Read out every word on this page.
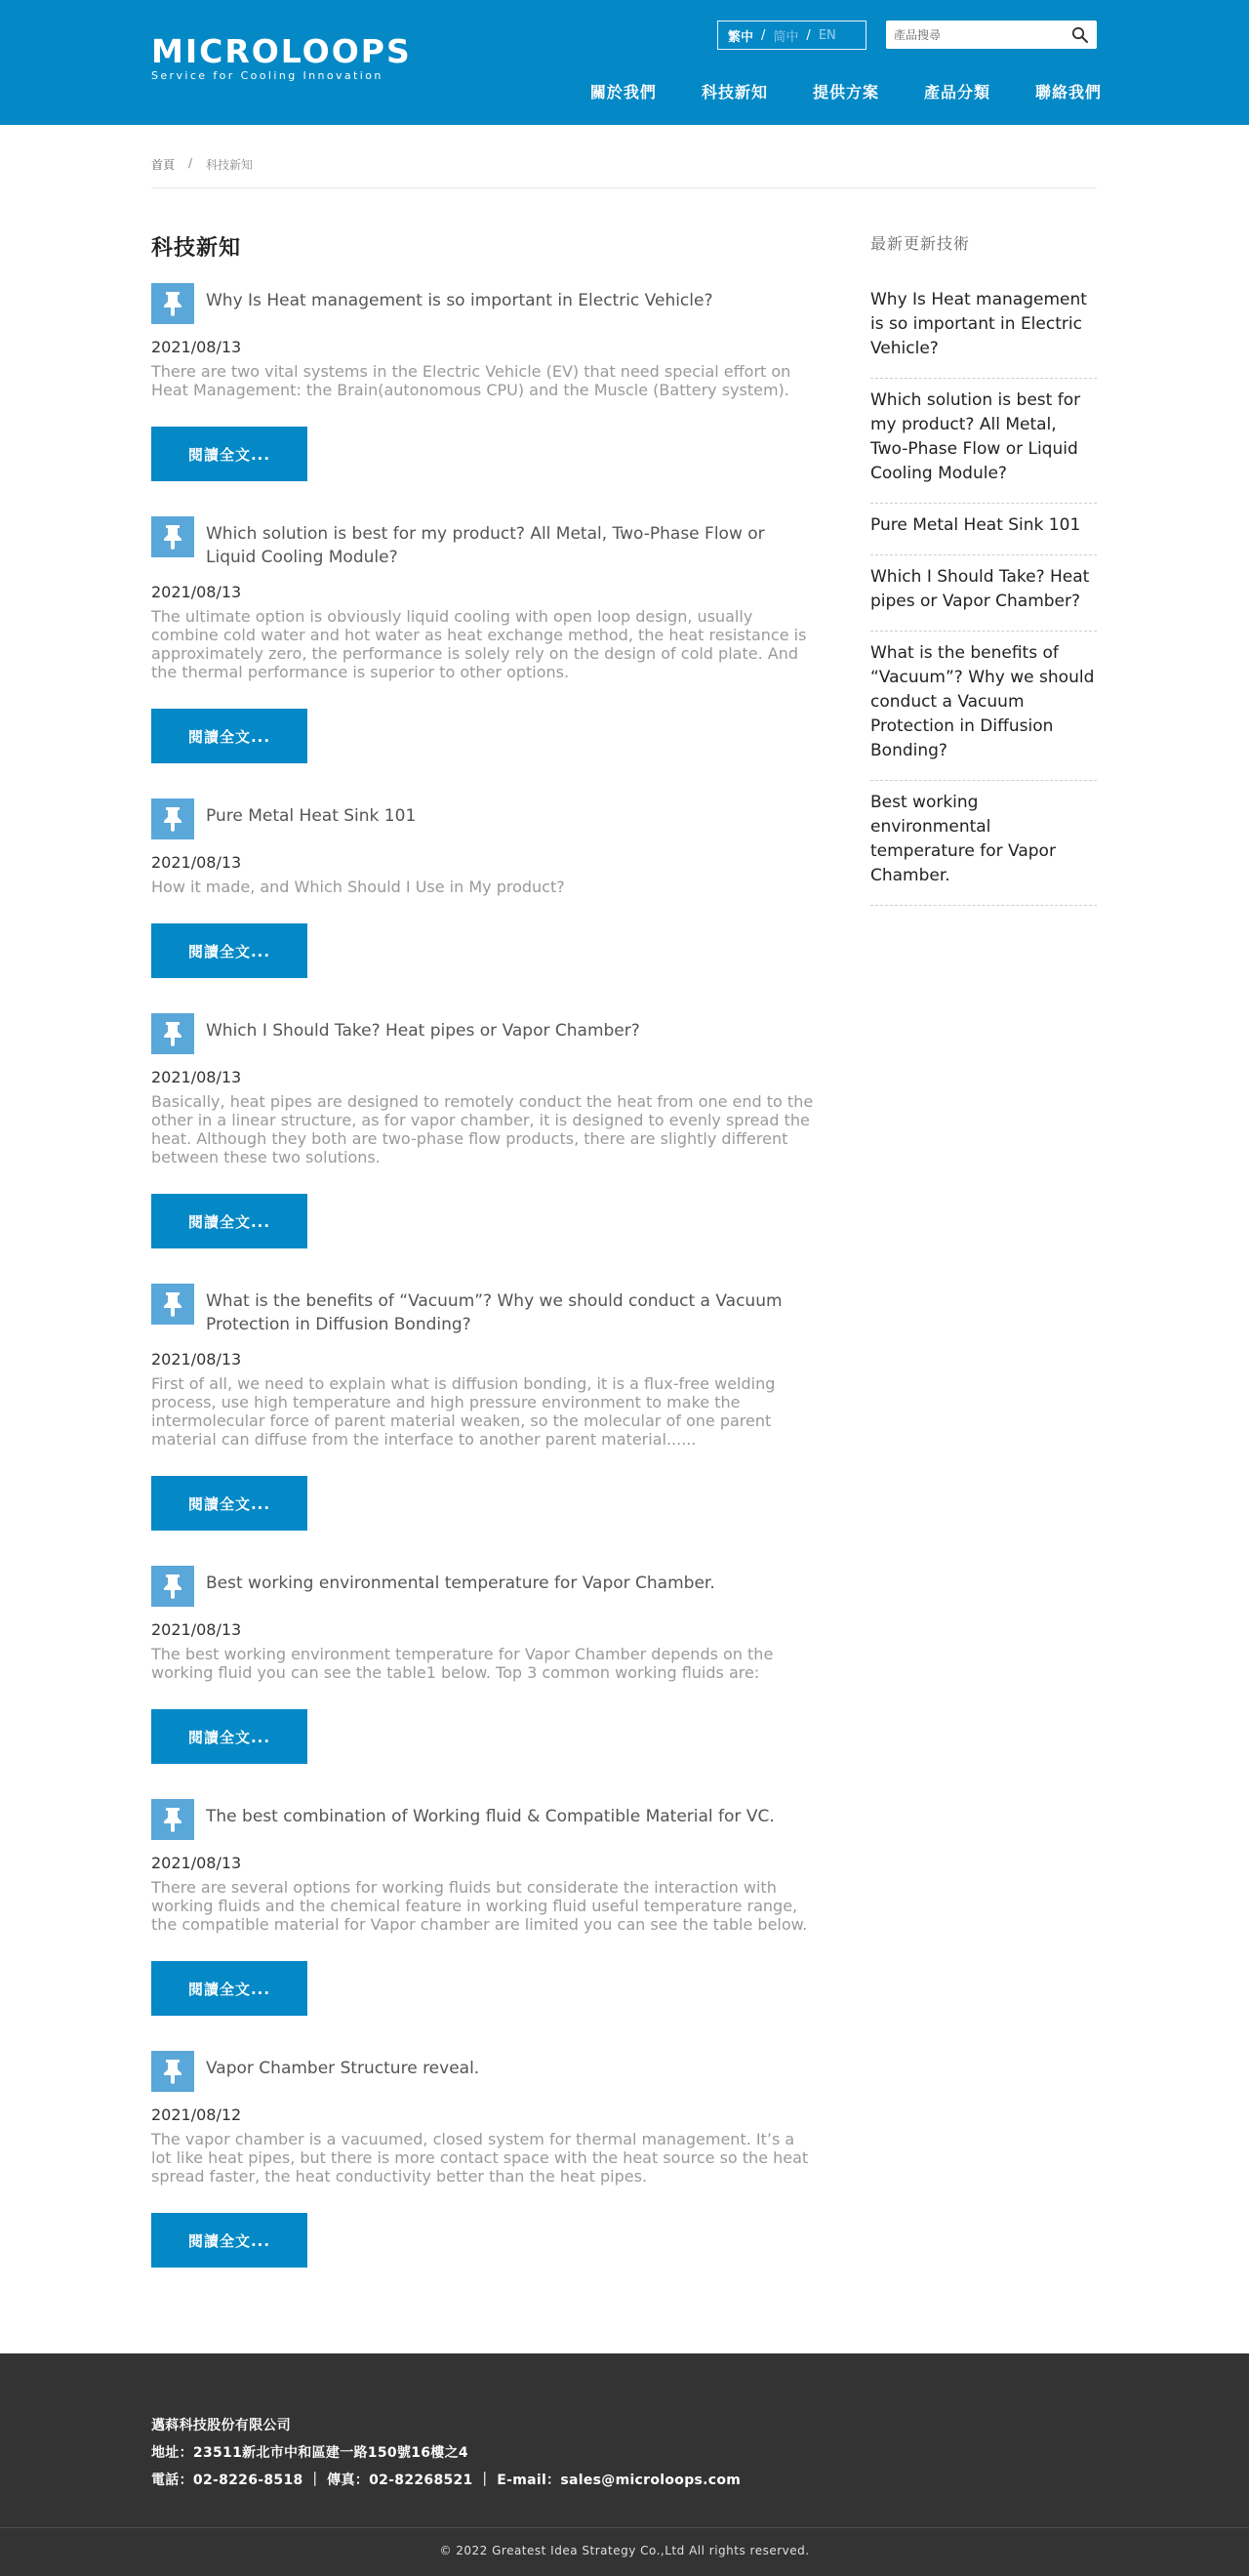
MICROLOOPS
Service for Cooling Innovation
繁中 / 简中 / EN
產品搜尋
關於我們	科技新知	提供方案	產品分類	聯絡我們
首頁 / 科技新知
科技新知
Why Is Heat management is so important in Electric Vehicle?
2021/08/13
There are two vital systems in the Electric Vehicle (EV) that need special effort on Heat Management: the Brain(autonomous CPU) and the Muscle (Battery system).
閱讀全文...
Which solution is best for my product? All Metal, Two-Phase Flow or Liquid Cooling Module?
2021/08/13
The ultimate option is obviously liquid cooling with open loop design, usually combine cold water and hot water as heat exchange method, the heat resistance is approximately zero, the performance is solely rely on the design of cold plate. And the thermal performance is superior to other options.
閱讀全文...
Pure Metal Heat Sink 101
2021/08/13
How it made, and Which Should I Use in My product?
閱讀全文...
Which I Should Take? Heat pipes or Vapor Chamber?
2021/08/13
Basically, heat pipes are designed to remotely conduct the heat from one end to the other in a linear structure, as for vapor chamber, it is designed to evenly spread the heat. Although they both are two-phase flow products, there are slightly different between these two solutions.
閱讀全文...
What is the benefits of “Vacuum”? Why we should conduct a Vacuum Protection in Diffusion Bonding?
2021/08/13
First of all, we need to explain what is diffusion bonding, it is a flux-free welding process, use high temperature and high pressure environment to make the intermolecular force of parent material weaken, so the molecular of one parent material can diffuse from the interface to another parent material......
閱讀全文...
Best working environmental temperature for Vapor Chamber.
2021/08/13
The best working environment temperature for Vapor Chamber depends on the working fluid you can see the table1 below. Top 3 common working fluids are:
閱讀全文...
The best combination of Working fluid & Compatible Material for VC.
2021/08/13
There are several options for working fluids but considerate the interaction with working fluids and the chemical feature in working fluid useful temperature range, the compatible material for Vapor chamber are limited you can see the table below.
閱讀全文...
Vapor Chamber Structure reveal.
2021/08/12
The vapor chamber is a vacuumed, closed system for thermal management. It’s a lot like heat pipes, but there is more contact space with the heat source so the heat spread faster, the heat conductivity better than the heat pipes.
閱讀全文...
最新更新技術
Why Is Heat management is so important in Electric Vehicle?
Which solution is best for my product? All Metal, Two-Phase Flow or Liquid Cooling Module?
Pure Metal Heat Sink 101
Which I Should Take? Heat pipes or Vapor Chamber?
What is the benefits of “Vacuum”? Why we should conduct a Vacuum Protection in Diffusion Bonding?
Best working environmental temperature for Vapor Chamber.
邁萪科技股份有限公司
地址：23511新北市中和區建一路150號16樓之4
電話：02-8226-8518 ｜ 傳真：02-82268521 ｜ E-mail：sales@microloops.com
© 2022 Greatest Idea Strategy Co.,Ltd All rights reserved.
